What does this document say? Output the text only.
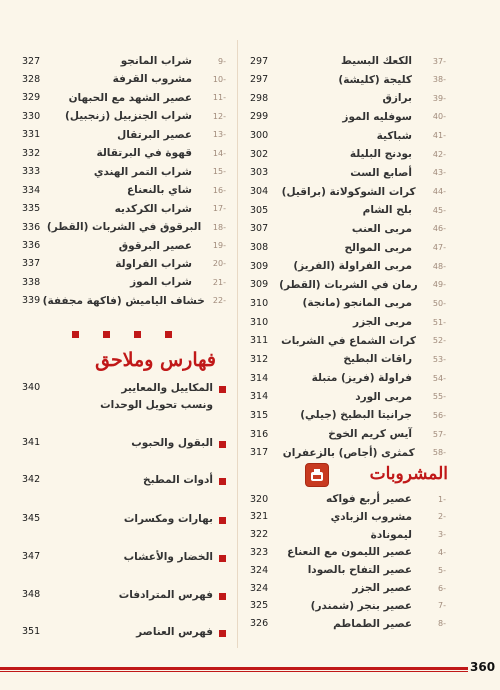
297	الكعك البسيط	-37
297	كليجة (كليشة)	-38
298	برازق	-39
299	سوفليه الموز	-40
300	شباكية	-41
302	بودنج البليلة	-42
303	أصابع الست	-43
304	كرات الشوكولاتة (براقيل)	-44
305	بلح الشام	-45
307	مربى العنب	-46
308	مربى الموالح	-47
309	مربى الفراولة (الفريز)	-48
309	رمان في الشربات (القطر)	-49
310	مربى المانجو (مانجة)	-50
310	مربى الجزر	-51
311	كرات الشماع في الشربات	-52
312	راقات البطيخ	-53
314	فراولة (فريز) متبلة	-54
314	مربى الورد	-55
315	جرانيتا البطيخ (جيلي)	-56
316	آيس كريم الخوخ	-57
317	كمثرى (أجاص) بالزعفران	-58
المشروبات
320	عصير أربع فواكه	-1
321	مشروب الزبادي	-2
322	ليمونادة	-3
323	عصير الليمون مع النعناع	-4
324	عصير التفاح بالصودا	-5
324	عصير الجزر	-6
325	عصير بنجر (شمندر)	-7
326	عصير الطماطم	-8
327	شراب المانجو	-9
328	مشروب القرفة	-10
329	عصير الشهد مع الحبهان	-11
330	شراب الجنزبيل (زنجبيل)	-12
331	عصير البرتقال	-13
332	قهوة في البرتقالة	-14
333	شراب التمر الهندي	-15
334	شاي بالنعناع	-16
335	شراب الكركديه	-17
336 البرقوق في الشربات (القطر)	-18
336	عصير البرقوق	-19
337	شراب الفراولة	-20
338	شراب الموز	-21
339 خشاف الياميش (فاكهة مجففة)	-22
فهارس وملاحق
340	المكاييل والمعايير
ونسب تحويل الوحدات
341	البقول والحبوب
342	أدوات المطبخ
345	بهارات ومكسرات
347	الخضار والأعشاب
348	فهرس المترادفات
351	فهرس العناصر
360
